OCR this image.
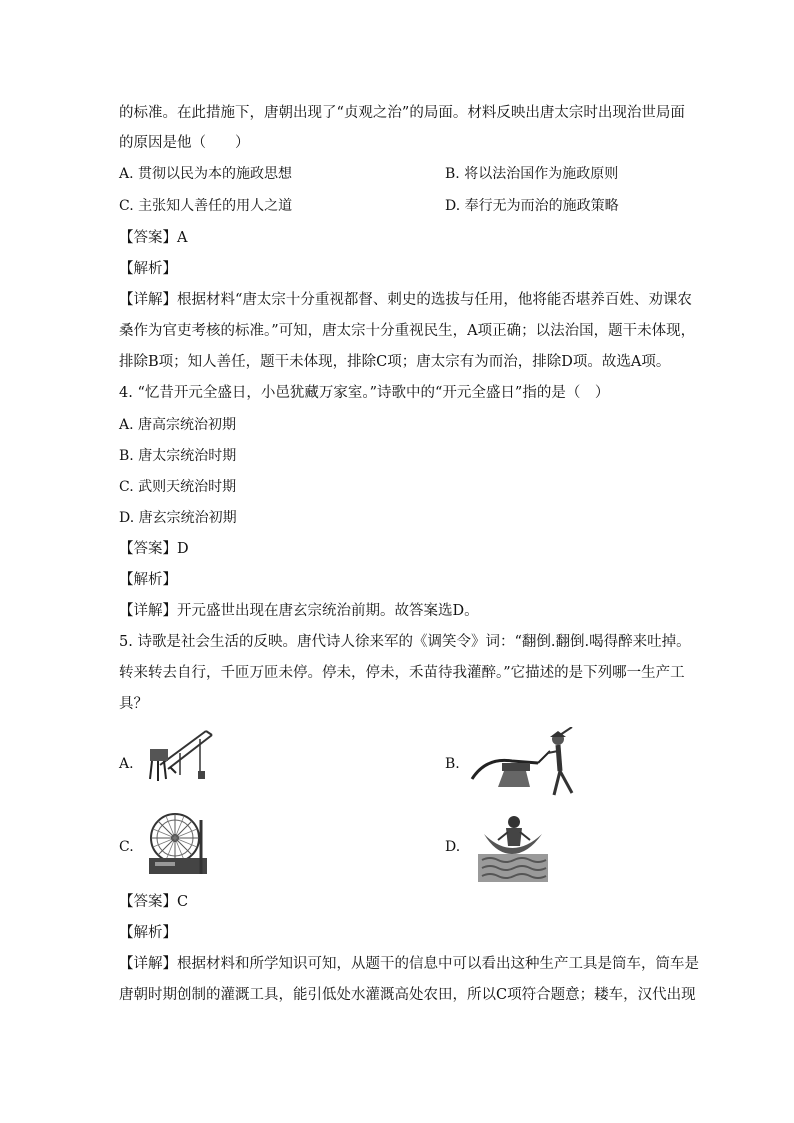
的标准。在此措施下，唐朝出现了“贞观之治”的局面。材料反映出唐太宗时出现治世局面
的原因是他（　　）
A. 贯彻以民为本的施政思想	B. 将以法治国作为施政原则
C. 主张知人善任的用人之道	D. 奉行无为而治的施政策略
【答案】A
【解析】
【详解】根据材料“唐太宗十分重视都督、刺史的选拔与任用，他将能否堪养百姓、劝课农
桑作为官吏考核的标准。”可知，唐太宗十分重视民生，A项正确；以法治国，题干未体现，
排除B项；知人善任，题干未体现，排除C项；唐太宗有为而治，排除D项。故选A项。
4. “忆昔开元全盛日，小邑犹藏万家室。”诗歌中的“开元全盛日”指的是（　）
A. 唐高宗统治初期
B. 唐太宗统治时期
C. 武则天统治时期
D. 唐玄宗统治初期
【答案】D
【解析】
【详解】开元盛世出现在唐玄宗统治前期。故答案选D。
5. 诗歌是社会生活的反映。唐代诗人徐来军的《调笑令》词：“翻倒.翻倒.喝得醉来吐掉。
转来转去自行，千匝万匝未停。停未，停未，禾苗待我灌醉。”它描述的是下列哪一生产工
具？
A.	B.
C.	D.
【答案】C
【解析】
【详解】根据材料和所学知识可知，从题干的信息中可以看出这种生产工具是筒车，筒车是
唐朝时期创制的灌溉工具，能引低处水灌溉高处农田，所以C项符合题意；耧车，汉代出现
